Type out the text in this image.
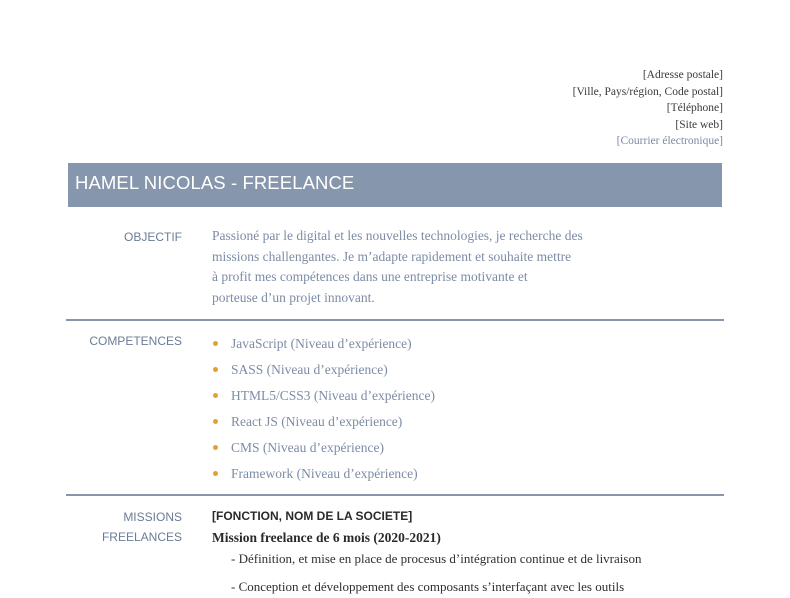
[Adresse postale]
[Ville, Pays/région, Code postal]
[Téléphone]
[Site web]
[Courrier électronique]
HAMEL NICOLAS - FREELANCE
OBJECTIF Passioné par le digital et les nouvelles technologies, je recherche des
missions challengantes. Je m’adapte rapidement et souhaite mettre
à profit mes compétences dans une entreprise motivante et
porteuse d’un projet innovant.
COMPETENCES	JavaScript (Niveau d’expérience)
SASS (Niveau d’expérience)
HTML5/CSS3 (Niveau d’expérience)
React JS (Niveau d’expérience)
CMS (Niveau d’expérience)
Framework (Niveau d’expérience)
MISSIONS
FREELANCES
[FONCTION, NOM DE LA SOCIETE]
Mission freelance de 6 mois (2020-2021)
- Définition, et mise en place de procesus d’intégration continue et de livraison
- Conception et développement des composants s’interfaçant avec les outils
